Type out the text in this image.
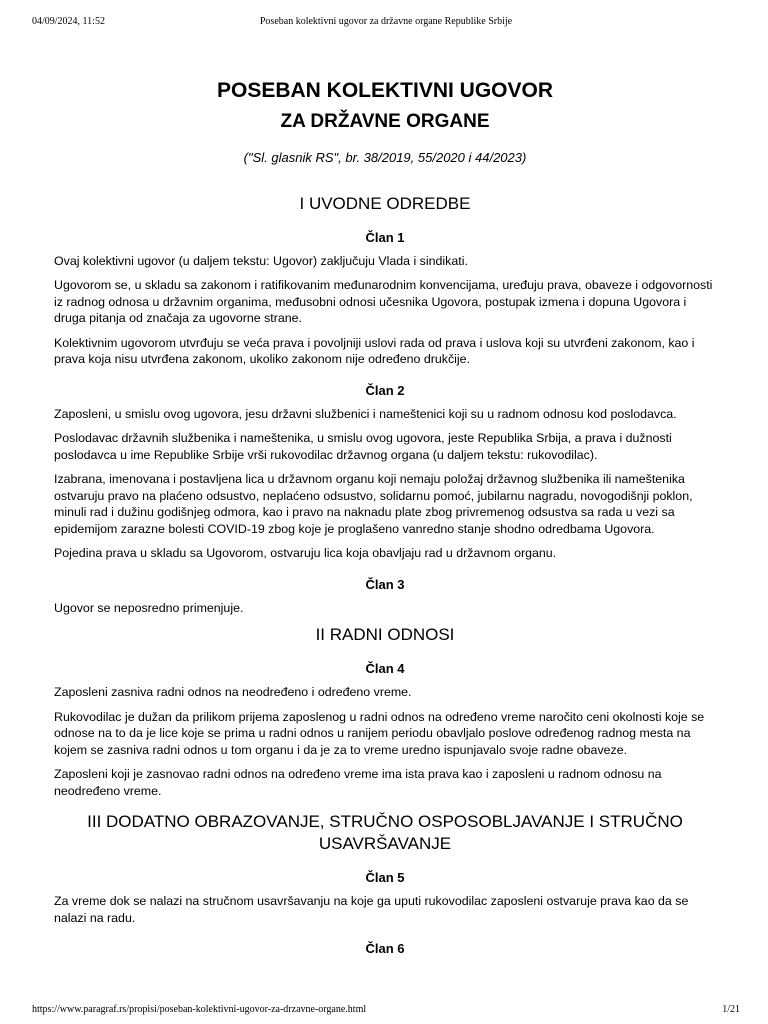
04/09/2024, 11:52	Poseban kolektivni ugovor za državne organe Republike Srbije
POSEBAN KOLEKTIVNI UGOVOR
ZA DRŽAVNE ORGANE
("Sl. glasnik RS", br. 38/2019, 55/2020 i 44/2023)
I UVODNE ODREDBE
Član 1

Ovaj kolektivni ugovor (u daljem tekstu: Ugovor) zaključuju Vlada i sindikati.

Ugovorom se, u skladu sa zakonom i ratifikovanim međunarodnim konvencijama, uređuju prava, obaveze i odgovornosti iz radnog odnosa u državnim organima, međusobni odnosi učesnika Ugovora, postupak izmena i dopuna Ugovora i druga pitanja od značaja za ugovorne strane.

Kolektivnim ugovorom utvrđuju se veća prava i povoljniji uslovi rada od prava i uslova koji su utvrđeni zakonom, kao i prava koja nisu utvrđena zakonom, ukoliko zakonom nije određeno drukčije.

Član 2

Zaposleni, u smislu ovog ugovora, jesu državni službenici i nameštenici koji su u radnom odnosu kod poslodavca.

Poslodavac državnih službenika i nameštenika, u smislu ovog ugovora, jeste Republika Srbija, a prava i dužnosti poslodavca u ime Republike Srbije vrši rukovodilac državnog organa (u daljem tekstu: rukovodilac).

Izabrana, imenovana i postavljena lica u državnom organu koji nemaju položaj državnog službenika ili nameštenika ostvaruju pravo na plaćeno odsustvo, neplaćeno odsustvo, solidarnu pomoć, jubilarnu nagradu, novogodišnji poklon, minuli rad i dužinu godišnjeg odmora, kao i pravo na naknadu plate zbog privremenog odsustva sa rada u vezi sa epidemijom zarazne bolesti COVID-19 zbog koje je proglašeno vanredno stanje shodno odredbama Ugovora.

Pojedina prava u skladu sa Ugovorom, ostvaruju lica koja obavljaju rad u državnom organu.

Član 3

Ugovor se neposredno primenjuje.

II RADNI ODNOSI
Član 4

Zaposleni zasniva radni odnos na neodređeno i određeno vreme.

Rukovodilac je dužan da prilikom prijema zaposlenog u radni odnos na određeno vreme naročito ceni okolnosti koje se odnose na to da je lice koje se prima u radni odnos u ranijem periodu obavljalo poslove određenog radnog mesta na kojem se zasniva radni odnos u tom organu i da je za to vreme uredno ispunjavalo svoje radne obaveze.

Zaposleni koji je zasnovao radni odnos na određeno vreme ima ista prava kao i zaposleni u radnom odnosu na neodređeno vreme.

III DODATNO OBRAZOVANJE, STRUČNO OSPOSOBLJAVANJE I STRUČNO USAVRŠAVANJE
Član 5

Za vreme dok se nalazi na stručnom usavršavanju na koje ga uputi rukovodilac zaposleni ostvaruje prava kao da se nalazi na radu.

Član 6
https://www.paragraf.rs/propisi/poseban-kolektivni-ugovor-za-drzavne-organe.html	1/21
